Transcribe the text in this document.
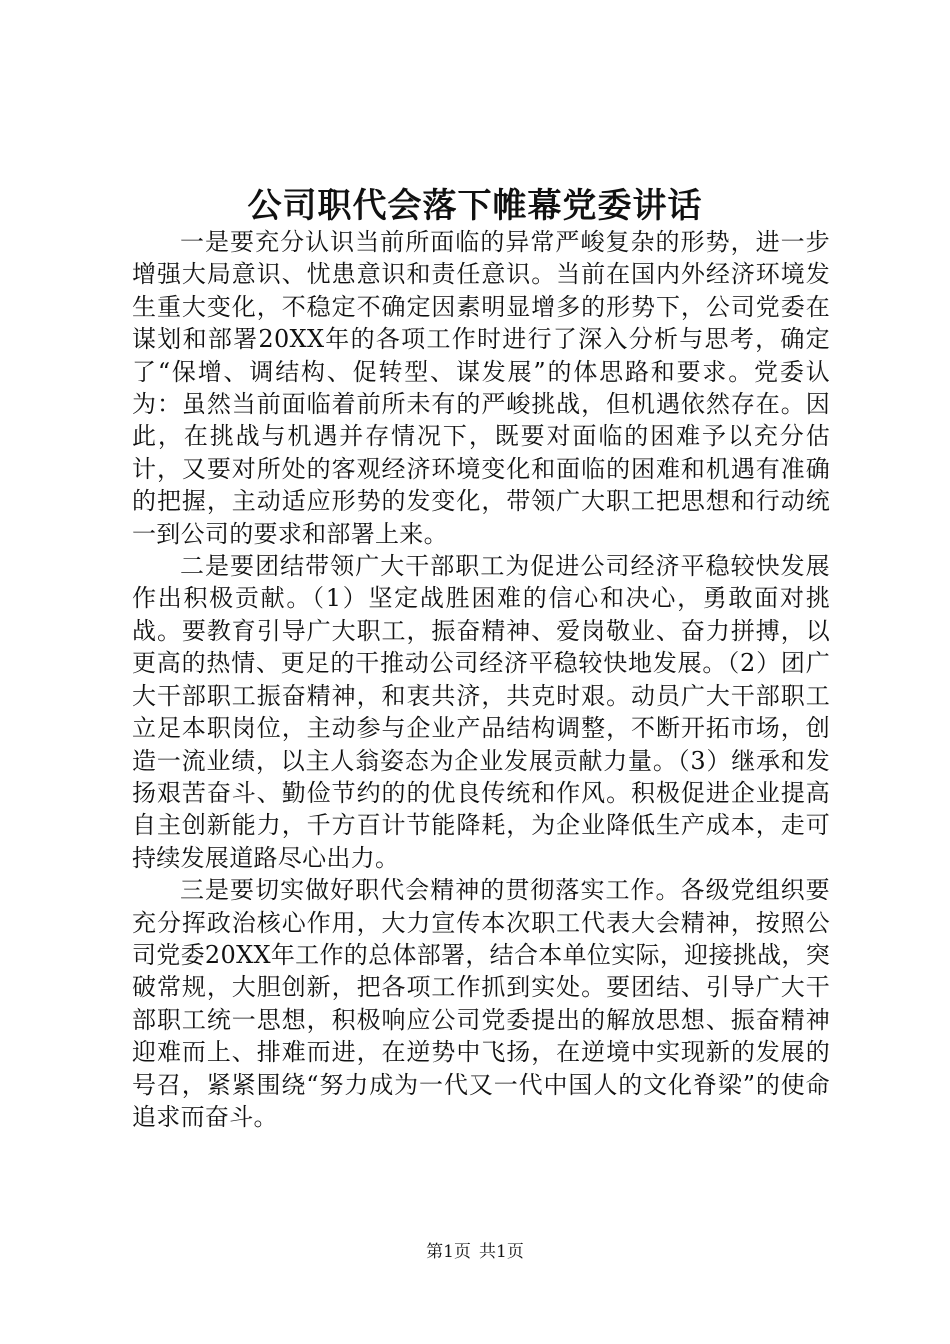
公司职代会落下帷幕党委讲话

一是要充分认识当前所面临的异常严峻复杂的形势，进一步增强大局意识、忧患意识和责任意识。当前在国内外经济环境发生重大变化，不稳定不确定因素明显增多的形势下，公司党委在谋划和部署20XX年的各项工作时进行了深入分析与思考，确定了“保增、调结构、促转型、谋发展”的体思路和要求。党委认为：虽然当前面临着前所未有的严峻挑战，但机遇依然存在。因此，在挑战与机遇并存情况下，既要对面临的困难予以充分估计，又要对所处的客观经济环境变化和面临的困难和机遇有准确的把握，主动适应形势的发变化，带领广大职工把思想和行动统一到公司的要求和部署上来。

二是要团结带领广大干部职工为促进公司经济平稳较快发展作出积极贡献。（1）坚定战胜困难的信心和决心，勇敢面对挑战。要教育引导广大职工，振奋精神、爱岗敬业、奋力拼搏，以更高的热情、更足的干推动公司经济平稳较快地发展。（2）团广大干部职工振奋精神，和衷共济，共克时艰。动员广大干部职工立足本职岗位，主动参与企业产品结构调整，不断开拓市场，创造一流业绩，以主人翁姿态为企业发展贡献力量。（3）继承和发扬艰苦奋斗、勤俭节约的的优良传统和作风。积极促进企业提高自主创新能力，千方百计节能降耗，为企业降低生产成本，走可持续发展道路尽心出力。

三是要切实做好职代会精神的贯彻落实工作。各级党组织要充分挥政治核心作用，大力宣传本次职工代表大会精神，按照公司党委20XX年工作的总体部署，结合本单位实际，迎接挑战，突破常规，大胆创新，把各项工作抓到实处。要团结、引导广大干部职工统一思想，积极响应公司党委提出的解放思想、振奋精神迎难而上、排难而进，在逆势中飞扬，在逆境中实现新的发展的号召，紧紧围绕“努力成为一代又一代中国人的文化脊梁”的使命追求而奋斗。

第1页 共1页
